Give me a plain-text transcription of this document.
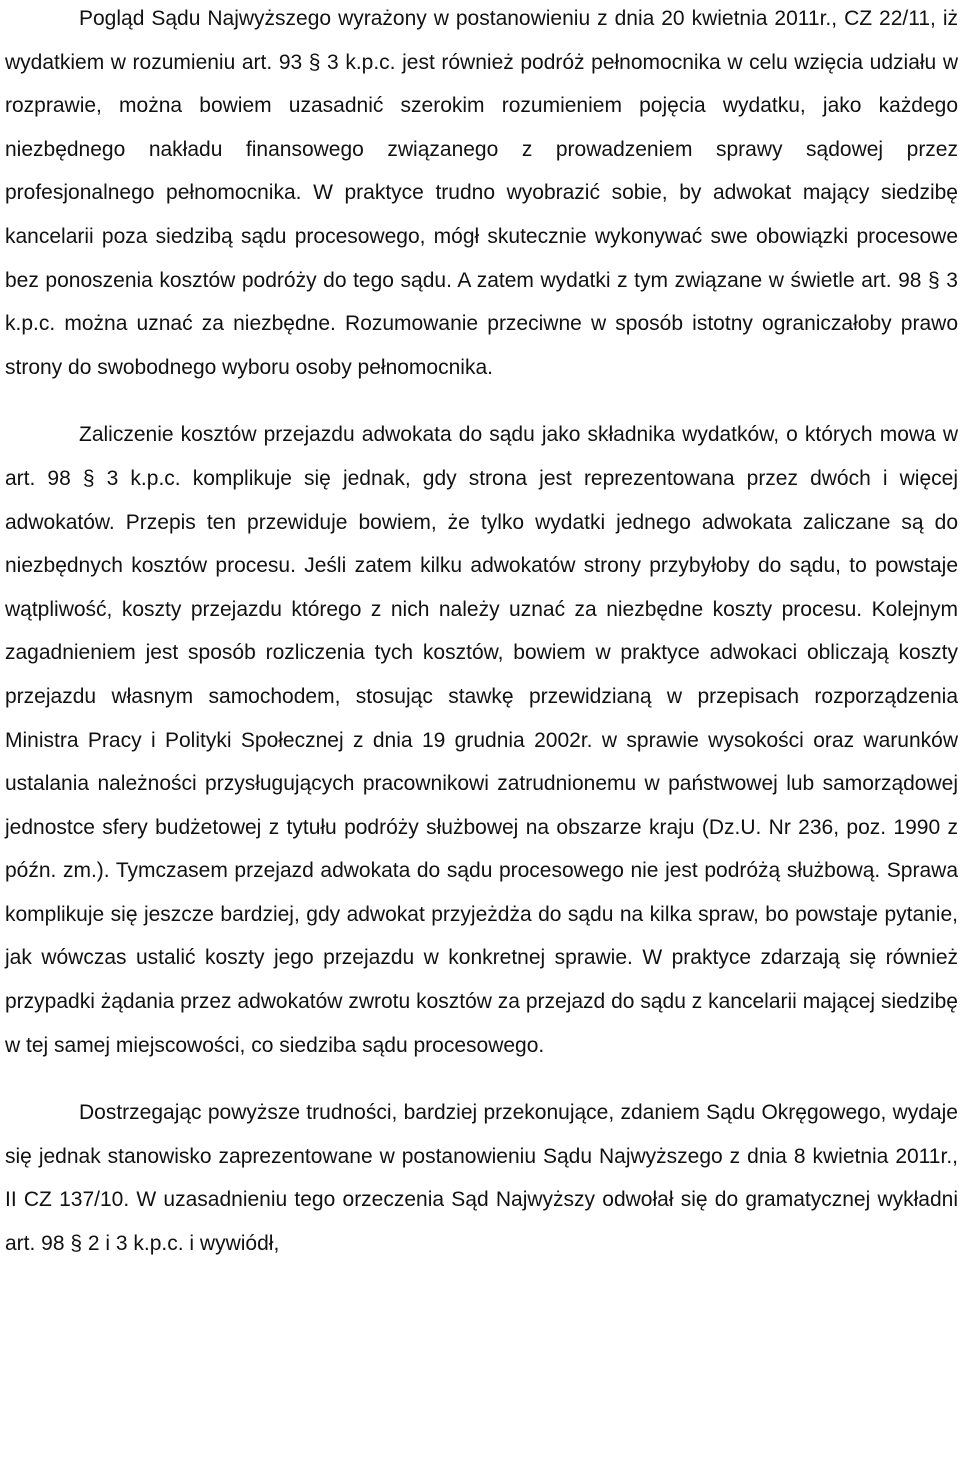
Pogląd Sądu Najwyższego wyrażony w postanowieniu z dnia 20 kwietnia 2011r., CZ 22/11, iż wydatkiem w rozumieniu art. 93 § 3 k.p.c. jest również podróż pełnomocnika w celu wzięcia udziału w rozprawie, można bowiem uzasadnić szerokim rozumieniem pojęcia wydatku, jako każdego niezbędnego nakładu finansowego związanego z prowadzeniem sprawy sądowej przez profesjonalnego pełnomocnika. W praktyce trudno wyobrazić sobie, by adwokat mający siedzibę kancelarii poza siedzibą sądu procesowego, mógł skutecznie wykonywać swe obowiązki procesowe bez ponoszenia kosztów podróży do tego sądu. A zatem wydatki z tym związane w świetle art. 98 § 3 k.p.c. można uznać za niezbędne. Rozumowanie przeciwne w sposób istotny ograniczałoby prawo strony do swobodnego wyboru osoby pełnomocnika.

Zaliczenie kosztów przejazdu adwokata do sądu jako składnika wydatków, o których mowa w art. 98 § 3 k.p.c. komplikuje się jednak, gdy strona jest reprezentowana przez dwóch i więcej adwokatów. Przepis ten przewiduje bowiem, że tylko wydatki jednego adwokata zaliczane są do niezbędnych kosztów procesu. Jeśli zatem kilku adwokatów strony przybyłoby do sądu, to powstaje wątpliwość, koszty przejazdu którego z nich należy uznać za niezbędne koszty procesu. Kolejnym zagadnieniem jest sposób rozliczenia tych kosztów, bowiem w praktyce adwokaci obliczają koszty przejazdu własnym samochodem, stosując stawkę przewidzianą w przepisach rozporządzenia Ministra Pracy i Polityki Społecznej z dnia 19 grudnia 2002r. w sprawie wysokości oraz warunków ustalania należności przysługujących pracownikowi zatrudnionemu w państwowej lub samorządowej jednostce sfery budżetowej z tytułu podróży służbowej na obszarze kraju (Dz.U. Nr 236, poz. 1990 z późn. zm.). Tymczasem przejazd adwokata do sądu procesowego nie jest podróżą służbową. Sprawa komplikuje się jeszcze bardziej, gdy adwokat przyjeżdża do sądu na kilka spraw, bo powstaje pytanie, jak wówczas ustalić koszty jego przejazdu w konkretnej sprawie. W praktyce zdarzają się również przypadki żądania przez adwokatów zwrotu kosztów za przejazd do sądu z kancelarii mającej siedzibę w tej samej miejscowości, co siedziba sądu procesowego.

Dostrzegając powyższe trudności, bardziej przekonujące, zdaniem Sądu Okręgowego, wydaje się jednak stanowisko zaprezentowane w postanowieniu Sądu Najwyższego z dnia 8 kwietnia 2011r., II CZ 137/10. W uzasadnieniu tego orzeczenia Sąd Najwyższy odwołał się do gramatycznej wykładni art. 98 § 2 i 3 k.p.c. i wywiódł,
